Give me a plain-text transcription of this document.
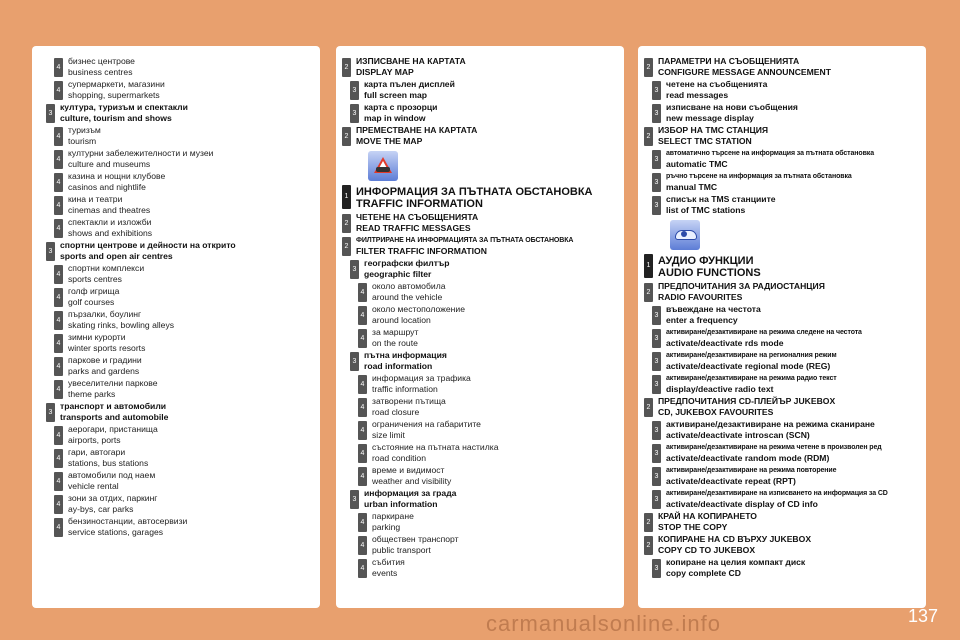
4
бизнес центрове
business centres
4
супермаркети, магазини
shopping, supermarkets
3
култура, туризъм и спектакли
culture, tourism and shows
4
туризъм
tourism
4
културни забележителности и музеи
culture and museums
4
казина и нощни клубове
casinos and nightlife
4
кина и театри
cinemas and theatres
4
спектакли и изложби
shows and exhibitions
3
спортни центрове и дейности на открито
sports and open air centres
4
спортни комплекси
sports centres
4
голф игрища
golf courses
4
пързалки, боулинг
skating rinks, bowling alleys
4
зимни курорти
winter sports resorts
4
паркове и градини
parks and gardens
4
увеселителни паркове
theme parks
3
транспорт и автомобили
transports and automobile
4
аерогари, пристанища
airports, ports
4
гари, автогари
stations, bus stations
4
автомобили под наем
vehicle rental
4
зони за отдих, паркинг
ay-bys, car parks
4
бензиностанции, автосервизи
service stations, garages
2
ИЗПИСВАНЕ НА КАРТАТА
DISPLAY MAP
3
карта пълен дисплей
full screen map
3
карта с прозорци
map in window
2
ПРЕМЕСТВАНЕ НА КАРТАТА
MOVE THE MAP
1 ИНФОРМАЦИЯ ЗА ПЪТНАТА ОБСТАНОВКА
TRAFFIC INFORMATION
2
ЧЕТЕНЕ НА СЪОБЩЕНИЯТА
READ TRAFFIC MESSAGES
2
ФИЛТРИРАНЕ НА ИНФОРМАЦИЯТА ЗА ПЪТНАТА ОБСТАНОВКА
FILTER TRAFFIC INFORMATION
3
географски филтър
geographic filter
4
около автомобила
around the vehicle
4
около местоположение
around location
4
за маршрут
on the route
3
пътна информация
road information
4
информация за трафика
traffic information
4
затворени пътища
road closure
4
ограничения на габаритите
size limit
4
състояние на пътната настилка
road condition
4
време и видимост
weather and visibility
3
информация за града
urban information
4
паркиране
parking
4
обществен транспорт
public transport
4
събития
events
2
ПАРАМЕТРИ НА СЪОБЩЕНИЯТА
CONFIGURE MESSAGE ANNOUNCEMENT
3
четене на съобщенията
read messages
3
изписване на нови съобщения
new message display
2
ИЗБОР НА TMC СТАНЦИЯ
SELECT TMC STATION
3
автоматично търсене на информация за пътната обстановка
automatic TMC
3
ръчно търсене на информация за пътната обстановка
manual TMC
3
списък на TMS станциите
list of TMC stations
1 АУДИО ФУНКЦИИ
AUDIO FUNCTIONS
2
ПРЕДПОЧИТАНИЯ ЗА РАДИОСТАНЦИЯ
RADIO FAVOURITES
3
въвеждане на честота
enter a frequency
3
активиране/дезактивиране на режима следене на честота
activate/deactivate rds mode
3
активиране/дезактивиране на регионалния режим
activate/deactivate regional mode (REG)
3
активиране/дезактивиране на режима радио текст
display/deactive radio text
2
ПРЕДПОЧИТАНИЯ CD-ПЛЕЙЪР JUKEBOX
CD, JUKEBOX FAVOURITES
3
активиране/дезактивиране на режима сканиране
activate/deactivate introscan (SCN)
3
активиране/дезактивиране на режима четене в произволен ред
activate/deactivate random mode (RDM)
3
активиране/дезактивиране на режима повторение
activate/deactivate repeat (RPT)
3
активиране/дезактивиране на изписването на информация за CD
activate/deactivate display of CD info
2
КРАЙ НА КОПИРАНЕТО
STOP THE COPY
2
КОПИРАНЕ НА CD ВЪРХУ JUKEBOX
COPY CD TO JUKEBOX
3
копиране на целия компакт диск
copy complete CD
137
carmanualsonline.info
